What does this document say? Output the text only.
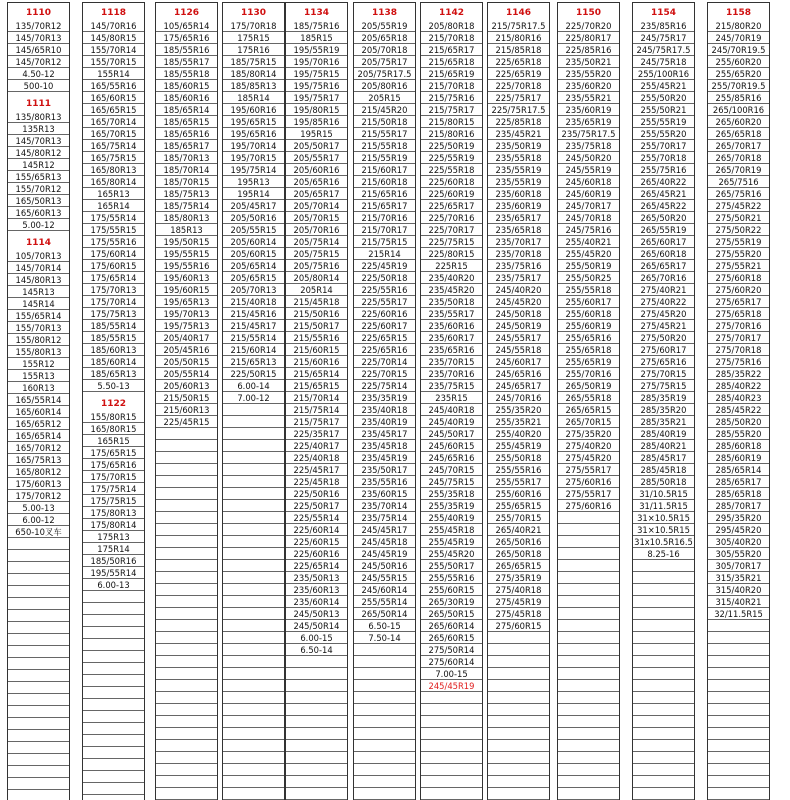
1110
135/70R12
145/70R13
145/65R10
145/70R12
4.50-12
500-10
1111
135/80R13
135R13
145/70R13
145/80R12
145R12
155/65R13
155/70R12
165/50R13
165/60R13
5.00-12
1114
105/70R13
145/70R14
145/80R13
145R13
145R14
155/65R14
155/70R13
155/80R12
155/80R13
155R12
155R13
160R13
165/55R14
165/60R14
165/65R12
165/65R14
165/70R12
165/75R13
165/80R12
175/60R13
175/70R12
5.00-13
6.00-12
650-10叉车
1118
145/70R16
145/80R15
155/70R14
155/70R15
155R14
165/55R16
165/60R15
165/65R15
165/70R14
165/70R15
165/75R14
165/75R15
165/80R13
165/80R14
165R13
165R14
175/55R14
175/55R15
175/55R16
175/60R14
175/60R15
175/65R14
175/70R13
175/70R14
175/75R13
185/55R14
185/55R15
185/60R13
185/60R14
185/65R13
5.50-13
1122
155/80R15
165/80R15
165R15
175/65R15
175/65R16
175/70R15
175/75R14
175/75R15
175/80R13
175/80R14
175R13
175R14
185/50R16
195/55R14
6.00-13
1126
105/65R14
175/65R16
185/55R16
185/55R17
185/55R18
185/60R15
185/60R16
185/65R14
185/65R15
185/65R16
185/65R17
185/70R13
185/70R14
185/70R15
185/75R13
185/75R14
185/80R13
185R13
195/50R15
195/55R15
195/55R16
195/60R13
195/60R15
195/65R13
195/70R13
195/75R13
205/40R17
205/45R16
205/50R15
205/55R14
205/60R13
215/50R15
215/60R13
225/45R15
1130
175/70R18
175R15
175R16
185/75R15
185/80R14
185/85R13
185R14
195/60R16
195/65R15
195/65R16
195/70R14
195/70R15
195/75R14
195R13
195R14
205/45R17
205/50R16
205/55R15
205/60R14
205/60R15
205/65R14
205/65R15
205/70R13
215/40R18
215/45R16
215/45R17
215/55R14
215/60R14
215/65R13
225/50R15
6.00-14
7.00-12
1134
185/75R16
185R15
195/55R19
195/70R16
195/75R15
195/75R16
195/75R17
195/80R15
195/85R16
195R15
205/50R17
205/55R17
205/60R16
205/65R16
205/65R17
205/70R14
205/70R15
205/70R16
205/75R14
205/75R15
205/75R16
205/80R14
205R14
215/45R18
215/50R16
215/50R17
215/55R16
215/60R15
215/60R16
215/65R14
215/65R15
215/70R14
215/75R14
215/75R17
225/35R17
225/40R17
225/40R18
225/45R17
225/45R18
225/50R16
225/50R17
225/55R14
225/60R14
225/60R15
225/60R16
225/65R14
235/50R13
235/60R13
235/60R14
245/50R13
245/50R14
6.00-15
6.50-14
1138
205/55R19
205/65R18
205/70R18
205/75R17
205/75R17.5
205/80R16
205R15
215/45R20
215/50R18
215/55R17
215/55R18
215/55R19
215/60R17
215/60R18
215/65R16
215/65R17
215/70R16
215/70R17
215/75R15
215R14
225/45R19
225/50R18
225/55R16
225/55R17
225/60R16
225/60R17
225/65R15
225/65R16
225/70R14
225/70R15
225/75R14
235/35R19
235/40R18
235/40R19
235/45R17
235/45R18
235/45R19
235/50R17
235/55R16
235/60R15
235/70R14
235/75R14
245/45R17
245/45R18
245/45R19
245/50R16
245/55R15
245/60R14
255/55R14
265/50R14
6.50-15
7.50-14
1142
205/80R18
215/70R18
215/65R17
215/65R18
215/65R19
215/70R18
215/75R16
215/75R17
215/80R15
215/80R16
225/50R19
225/55R19
225/55R18
225/60R18
225/60R19
225/65R17
225/70R16
225/70R17
225/75R15
225/80R15
225R15
235/40R20
235/45R20
235/50R18
235/55R17
235/60R16
235/60R17
235/65R16
235/70R15
235/70R16
235/75R15
235R15
245/40R18
245/40R19
245/50R17
245/60R15
245/65R16
245/70R15
245/75R15
255/35R18
255/35R19
255/40R19
255/45R18
255/45R19
255/45R20
255/50R17
255/55R16
255/60R15
265/30R19
265/50R15
265/60R14
265/60R15
275/50R14
275/60R14
7.00-15
245/45R19
1146
215/75R17.5
215/80R16
215/85R18
225/65R18
225/65R19
225/70R18
225/75R17
225/75R17.5
225/85R18
235/45R21
235/50R19
235/55R18
235/55R19
235/55R19
235/60R18
235/60R19
235/65R17
235/65R18
235/70R17
235/70R18
235/75R16
235/75R17
245/40R20
245/45R20
245/50R18
245/50R19
245/55R17
245/55R18
245/60R17
245/65R16
245/65R17
245/70R16
255/35R20
255/35R21
255/40R20
255/45R19
255/50R18
255/55R16
255/55R17
255/60R16
255/65R15
255/70R15
265/40R21
265/50R16
265/50R18
265/65R15
275/35R19
275/40R18
275/45R19
275/45R18
275/60R15
1150
225/70R20
225/80R17
225/85R16
235/50R21
235/55R20
235/60R20
235/55R21
235/60R19
235/65R19
235/75R17.5
235/75R18
245/50R20
245/55R19
245/60R18
245/60R19
245/70R17
245/70R18
245/75R16
255/40R21
255/45R20
255/50R19
255/50R25
255/55R18
255/60R17
255/60R18
255/60R19
255/65R16
255/65R18
255/65R19
255/70R16
265/50R19
265/55R18
265/65R15
265/70R15
275/35R20
275/40R20
275/45R20
275/55R17
275/60R16
275/55R17
275/60R16
1154
235/85R16
245/75R17
245/75R17.5
245/75R18
255/100R16
255/45R21
255/50R20
255/50R21
255/55R19
255/55R20
255/70R17
255/70R18
255/75R16
265/40R22
265/45R21
265/45R22
265/50R20
265/55R19
265/60R17
265/60R18
265/65R17
265/70R16
275/40R21
275/40R22
275/45R20
275/45R21
275/50R20
275/60R17
275/65R16
275/70R15
275/75R15
285/35R19
285/35R20
285/35R21
285/40R19
285/40R21
285/45R17
285/45R18
285/50R18
31/10.5R15
31/11.5R15
31×10.5R15
31×10.5R15
31x10.5R16.5
8.25-16
1158
215/80R20
245/70R19
245/70R19.5
255/60R20
255/65R20
255/70R19.5
255/85R16
265/100R16
265/60R20
265/65R18
265/70R17
265/70R18
265/70R19
265/7516
265/75R16
275/45R22
275/50R21
275/50R22
275/55R19
275/55R20
275/55R21
275/60R18
275/60R20
275/65R17
275/65R18
275/70R16
275/70R17
275/70R18
275/75R16
285/35R22
285/40R22
285/40R23
285/45R22
285/50R20
285/55R20
285/60R18
285/60R19
285/65R14
285/65R17
285/65R18
285/70R17
295/35R20
295/45R20
305/40R20
305/55R20
305/70R17
315/35R21
315/40R20
315/40R21
32/11.5R15
